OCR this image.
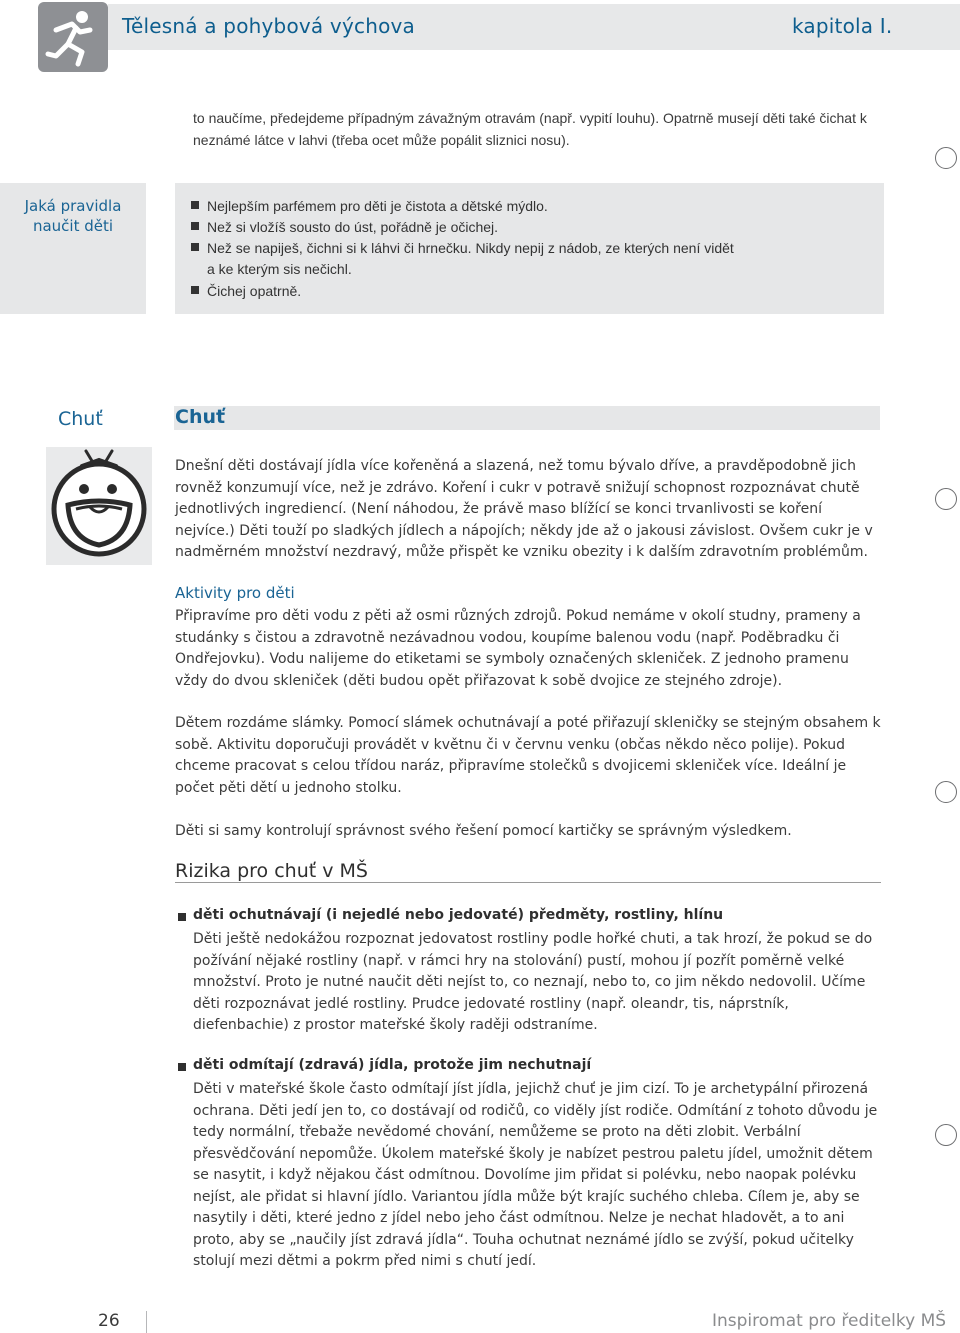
Tělesná a pohybová výchova	kapitola I.
to naučíme, předejdeme případným závažným otravám (např. vypití louhu). Opatrně musejí děti také čichat k neznámé látce v lahvi (třeba ocet může popálit sliznici nosu).
Jaká pravidla naučit děti
Nejlepším parfémem pro děti je čistota a dětské mýdlo.
Než si vložíš sousto do úst, pořádně je očichej.
Než se napiješ, čichni si k láhvi či hrnečku. Nikdy nepij z nádob, ze kterých není vidět
a ke kterým sis nečichl.
Čichej opatrně.
Chuť	Chuť
Dnešní děti dostávají jídla více kořeněná a slazená, než tomu bývalo dříve, a pravděpodobně jich rovněž konzumují více, než je zdrávo. Koření i cukr v potravě snižují schopnost rozpoznávat chutě jednotlivých ingrediencí. (Není náhodou, že právě maso blížící se konci trvanlivosti se koření nejvíce.) Děti touží po sladkých jídlech a nápojích; někdy jde až o jakousi závislost. Ovšem cukr je v nadměrném množství nezdravý, může přispět ke vzniku obezity i k dalším zdravotním problémům.
Aktivity pro děti
Připravíme pro děti vodu z pěti až osmi různých zdrojů. Pokud nemáme v okolí studny, prameny a studánky s čistou a zdravotně nezávadnou vodou, koupíme balenou vodu (např. Poděbradku či Ondřejovku). Vodu nalijeme do etiketami se symboly označených skleniček. Z jednoho pramenu vždy do dvou skleniček (děti budou opět přiřazovat k sobě dvojice ze stejného zdroje).
Dětem rozdáme slámky. Pomocí slámek ochutnávají a poté přiřazují skleničky se stejným obsahem k sobě. Aktivitu doporučuji provádět v květnu či v červnu venku (občas někdo něco polije). Pokud chceme pracovat s celou třídou naráz, připravíme stolečků s dvojicemi skleniček více. Ideální je počet pěti dětí u jednoho stolku.
Děti si samy kontrolují správnost svého řešení pomocí kartičky se správným výsledkem.
Rizika pro chuť v MŠ
děti ochutnávají (i nejedlé nebo jedovaté) předměty, rostliny, hlínu
Děti ještě nedokážou rozpoznat jedovatost rostliny podle hořké chuti, a tak hrozí, že pokud se do požívání nějaké rostliny (např. v rámci hry na stolování) pustí, mohou jí pozřít poměrně velké množství. Proto je nutné naučit děti nejíst to, co neznají, nebo to, co jim někdo nedovolil. Učíme děti rozpoznávat jedlé rostliny. Prudce jedovaté rostliny (např. oleandr, tis, náprstník, diefenbachie) z prostor mateřské školy raději odstraníme.
děti odmítají (zdravá) jídla, protože jim nechutnají
Děti v mateřské škole často odmítají jíst jídla, jejichž chuť je jim cizí. To je archetypální přirozená ochrana. Děti jedí jen to, co dostávají od rodičů, co viděly jíst rodiče. Odmítání z tohoto důvodu je tedy normální, třebaže nevědomé chování, nemůžeme se proto na děti zlobit. Verbální přesvědčování nepomůže. Úkolem mateřské školy je nabízet pestrou paletu jídel, umožnit dětem se nasytit, i když nějakou část odmítnou. Dovolíme jim přidat si polévku, nebo naopak polévku nejíst, ale přidat si hlavní jídlo. Variantou jídla může být krajíc suchého chleba. Cílem je, aby se nasytily i děti, které jedno z jídel nebo jeho část odmítnou. Nelze je nechat hladovět, a to ani proto, aby se „naučily jíst zdravá jídla“. Touha ochutnat neznámé jídlo se zvýší, pokud učitelky stolují mezi dětmi a pokrm před nimi s chutí jedí.
26	Inspiromat pro ředitelky MŠ
